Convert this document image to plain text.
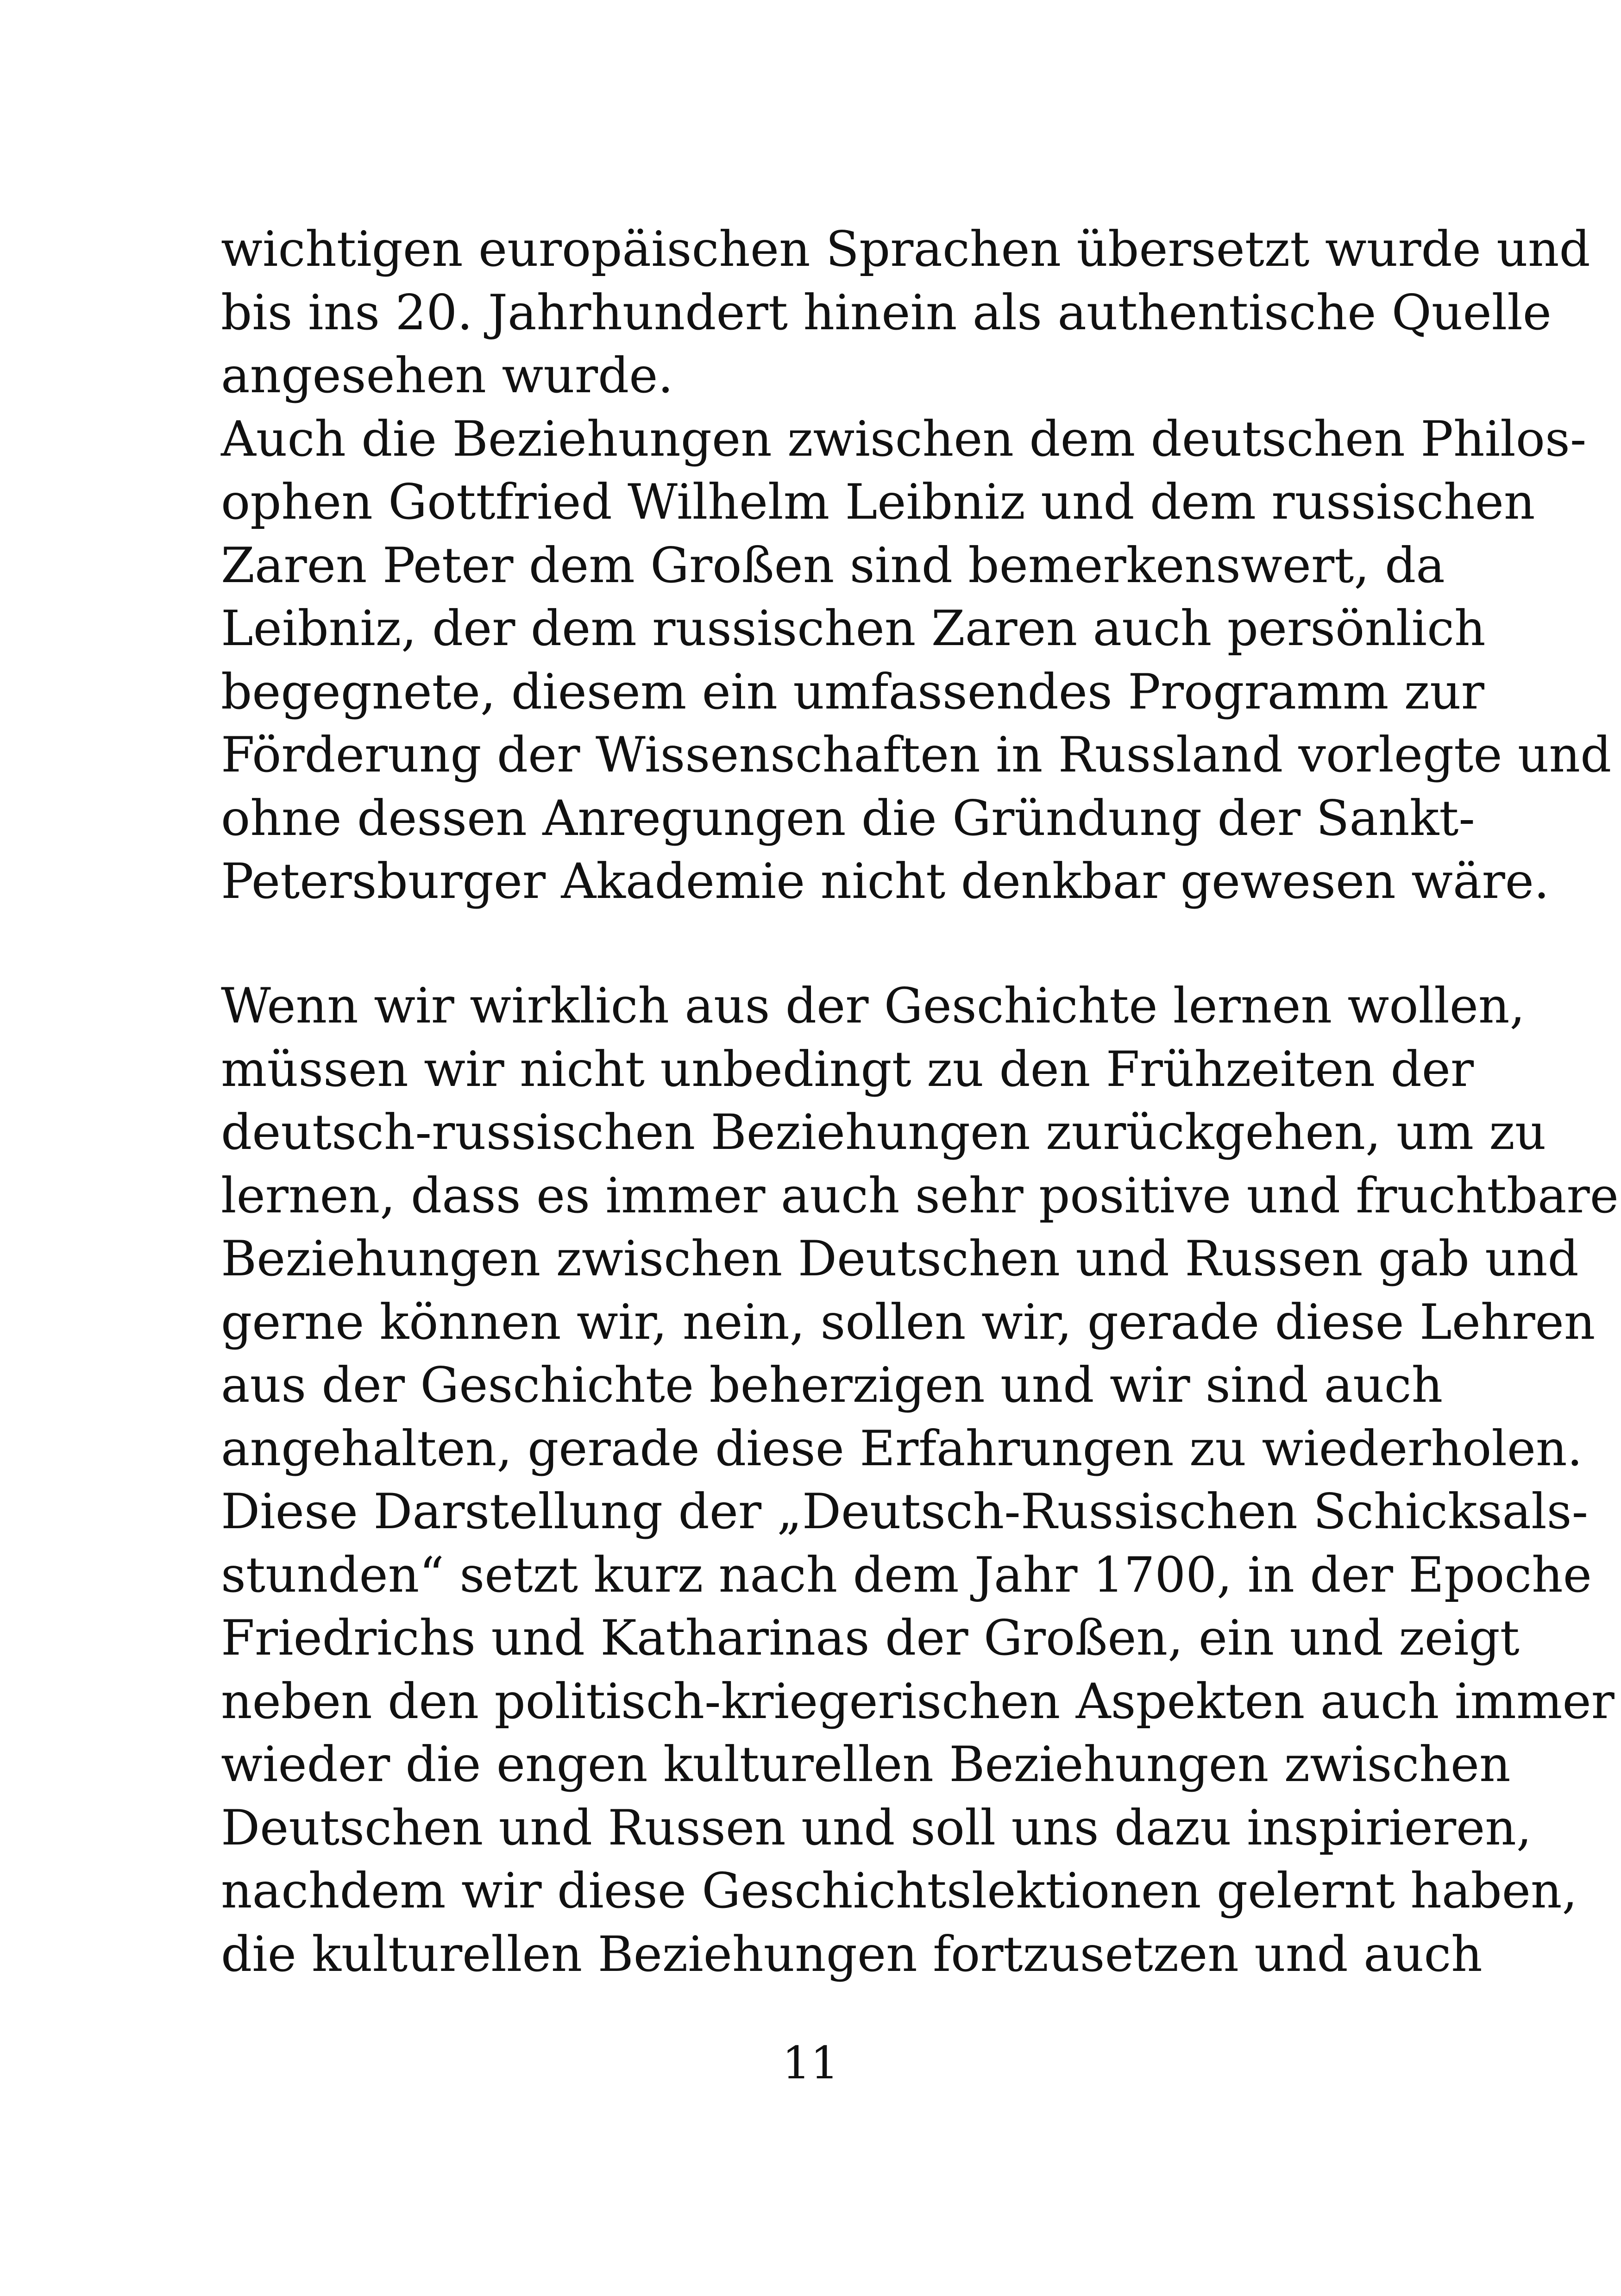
wichtigen europäischen Sprachen übersetzt wurde und
bis ins 20. Jahrhundert hinein als authentische Quelle
angesehen wurde.
Auch die Beziehungen zwischen dem deutschen Philos-
ophen Gottfried Wilhelm Leibniz und dem russischen
Zaren Peter dem Großen sind bemerkenswert, da
Leibniz, der dem russischen Zaren auch persönlich
begegnete, diesem ein umfassendes Programm zur
Förderung der Wissenschaften in Russland vorlegte und
ohne dessen Anregungen die Gründung der Sankt-
Petersburger Akademie nicht denkbar gewesen wäre.
Wenn wir wirklich aus der Geschichte lernen wollen,
müssen wir nicht unbedingt zu den Frühzeiten der
deutsch-russischen Beziehungen zurückgehen, um zu
lernen, dass es immer auch sehr positive und fruchtbare
Beziehungen zwischen Deutschen und Russen gab und
gerne können wir, nein, sollen wir, gerade diese Lehren
aus der Geschichte beherzigen und wir sind auch
angehalten, gerade diese Erfahrungen zu wiederholen.
Diese Darstellung der „Deutsch-Russischen Schicksals-
stunden“ setzt kurz nach dem Jahr 1700, in der Epoche
Friedrichs und Katharinas der Großen, ein und zeigt
neben den politisch-kriegerischen Aspekten auch immer
wieder die engen kulturellen Beziehungen zwischen
Deutschen und Russen und soll uns dazu inspirieren,
nachdem wir diese Geschichtslektionen gelernt haben,
die kulturellen Beziehungen fortzusetzen und auch
11
